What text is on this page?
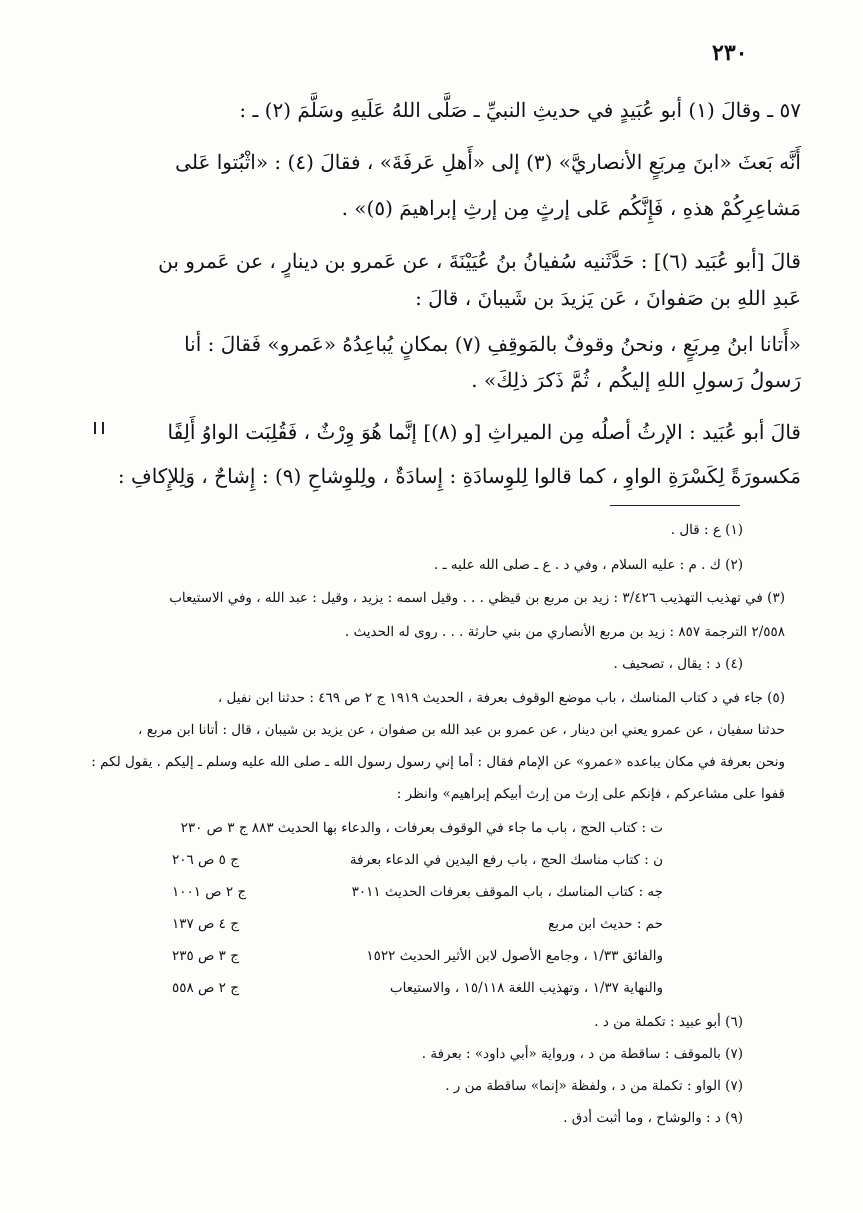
٢٣٠
٥٧ ـ وقالَ (١) أبو عُبَيدٍ في حديثِ النبيِّ ـ صَلَّى اللهُ عَلَيهِ وسَلَّمَ (٢) ـ :
أَنَّه بَعثَ «ابنَ مِربَعٍ الأنصاريَّ» (٣) إلى «أَهلِ عَرفَةَ» ، فقالَ (٤) : «اثْبُتوا عَلى
مَشاعِرِكُمْ هذهِ ، فَإِنَّكُم عَلى إرثٍ مِن إرثِ إبراهيمَ (٥)» .
قالَ [أبو عُبَيد (٦)] : حَدَّثَنيه سُفيانُ بنُ عُيَيْنَةَ ، عن عَمرو بن دينارٍ ، عن عَمرو بن
عَبدِ اللهِ بن صَفوانَ ، عَن يَزيدَ بن شَيبانَ ، قالَ :
«أَتانا ابنُ مِربَعٍ ، ونحنُ وقوفٌ بالمَوقِفِ (٧) بمكانٍ يُباعِدُهُ «عَمرو» فَقالَ : أنا
رَسولُ رَسولِ اللهِ إليكُم ، ثُمَّ ذَكرَ ذلِكَ» .
قالَ أبو عُبَيد : الإرثُ أصلُه مِن الميراثِ [و (٨)] إنَّما هُوَ وِرْثٌ ، فَقُلِبَت الواوُ أَلِفًا
مَكسورَةً لِكَسْرَةِ الواوِ ، كما قالوا لِلوِسادَةِ : إِسادَةٌ ، ولِلوِشاحِ (٩) : إِشاحٌ ، وَلِلإِكافِ :
(١) ع : قال .
(٢) ك . م : عليه السلام ، وفي د . ع ـ صلى الله عليه ـ .
(٣) في تهذيب التهذيب ٣/٤٢٦ : زيد بن مربع بن قيظي . . . وقيل اسمه : يزيد ، وقيل : عبد الله ، وفي الاستيعاب
٢/٥٥٨ الترجمة ٨٥٧ : زيد بن مربع الأنصاري من بني حارثة . . . روى له الحديث .
(٤) د : يقال ، تصحيف .
(٥) جاء في د كتاب المناسك ، باب موضع الوقوف بعرفة ، الحديث ١٩١٩ ج ٢ ص ٤٦٩ : حدثنا ابن نفيل ،
حدثنا سفيان ، عن عمرو يعني ابن دينار ، عن عمرو بن عبد الله بن صفوان ، عن يزيد بن شيبان ، قال : أتانا ابن مربع ،
ونحن بعرفة في مكان يباعده «عمرو» عن الإمام فقال : أما إني رسول رسول الله ـ صلى الله عليه وسلم ـ إليكم . يقول لكم :
قفوا على مشاعركم ، فإنكم على إرث من إرث أبيكم إبراهيم» وانظر :
ت : كتاب الحج ، باب ما جاء في الوقوف بعرفات ، والدعاء بها الحديث ٨٨٣ ج ٣ ص ٢٣٠
ن : كتاب مناسك الحج ، باب رفع اليدين في الدعاء بعرفة
ج ٥ ص ٢٠٦
جه : كتاب المناسك ، باب الموقف بعرفات الحديث ٣٠١١
ج ٢ ص ١٠٠١
حم : حديث ابن مربع
ج ٤ ص ١٣٧
والفائق ١/٣٣ ، وجامع الأصول لابن الأثير الحديث ١٥٢٢
ج ٣ ص ٢٣٥
والنهاية ١/٣٧ ، وتهذيب اللغة ١٥/١١٨ ، والاستيعاب
ج ٢ ص ٥٥٨
(٦) أبو عبيد : تكملة من د .
(٧) بالموقف : ساقطة من د ، ورواية «أبي داود» : بعرفة .
(٧) الواو : تكملة من د ، ولفظة «إنما» ساقطة من ر .
(٩) د : والوشاح ، وما أثبت أدق .
